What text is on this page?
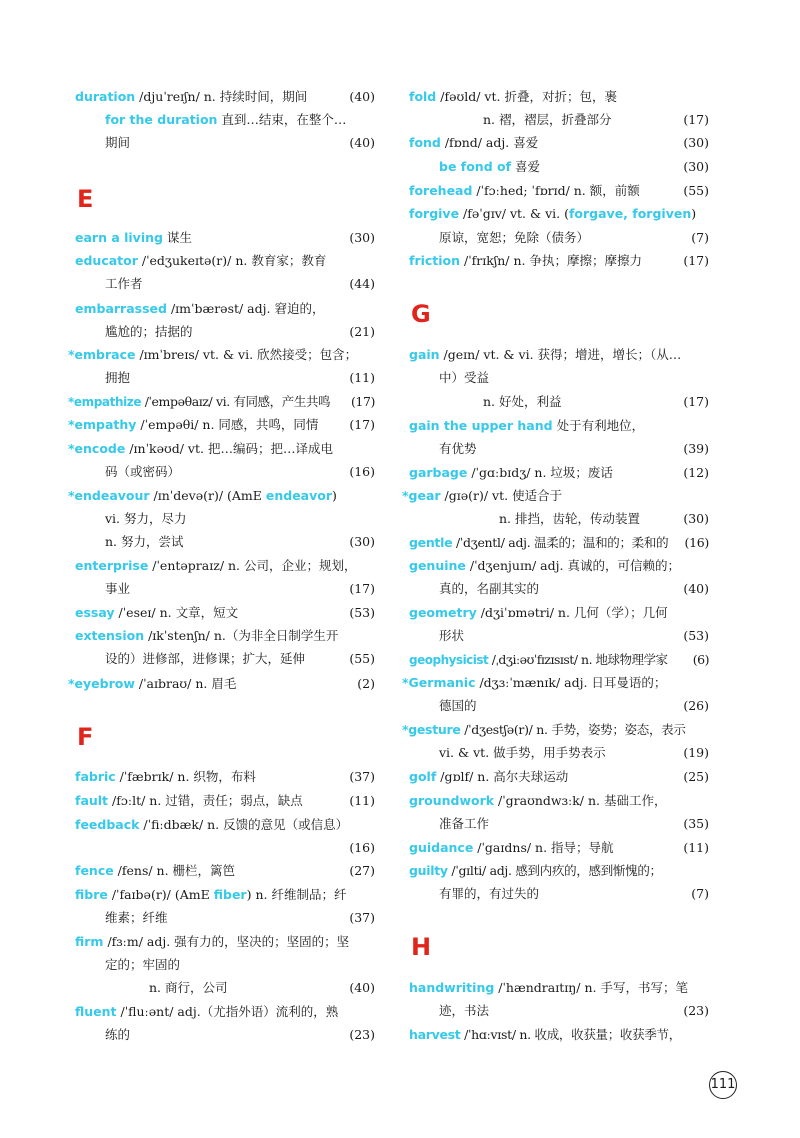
duration /djuˈreɪʃn/ n. 持续时间，期间	(40)
for the duration 直到…结束，在整个…
期间	(40)
E
earn a living 谋生	(30)
educator /ˈedʒukeɪtə(r)/ n. 教育家；教育
工作者	(44)
embarrassed /ɪmˈbærəst/ adj. 窘迫的，
尴尬的；拮据的	(21)
*embrace /ɪmˈbreɪs/ vt. & vi. 欣然接受；包含；
拥抱	(11)
*empathize /ˈempəθaɪz/ vi. 有同感，产生共鸣 (17)
*empathy /ˈempəθi/ n. 同感，共鸣，同情 (17)
*encode /ɪnˈkəʊd/ vt. 把…编码；把…译成电
码（或密码）	(16)
*endeavour /ɪnˈdevə(r)/ (AmE endeavor)
vi. 努力，尽力
n. 努力，尝试	(30)
enterprise /ˈentəpraɪz/ n. 公司，企业；规划，
事业	(17)
essay /ˈeseɪ/ n. 文章，短文	(53)
extension /ɪkˈstenʃn/ n.（为非全日制学生开
设的）进修部，进修课；扩大，延伸	(55)
*eyebrow /ˈaɪbraʊ/ n. 眉毛	(2)
F
fabric /ˈfæbrɪk/ n. 织物，布料	(37)
fault /fɔːlt/ n. 过错，责任；弱点，缺点	(11)
feedback /ˈfiːdbæk/ n. 反馈的意见（或信息）
(16)
fence /fens/ n. 栅栏，篱笆	(27)
fibre /ˈfaɪbə(r)/ (AmE fiber) n. 纤维制品；纤
维素；纤维	(37)
firm /fɜːm/ adj. 强有力的，坚决的；坚固的；坚
定的；牢固的
n. 商行，公司	(40)
fluent /ˈfluːənt/ adj.（尤指外语）流利的，熟
练的	(23)
fold /fəʊld/ vt. 折叠，对折；包，裹
n. 褶，褶层，折叠部分	(17)
fond /fɒnd/ adj. 喜爱	(30)
be fond of 喜爱	(30)
forehead /ˈfɔːhed; ˈfɒrɪd/ n. 额，前额	(55)
forgive /fəˈgɪv/ vt. & vi. (forgave, forgiven)
原谅，宽恕；免除（债务）	(7)
friction /ˈfrɪkʃn/ n. 争执；摩擦；摩擦力	(17)
G
gain /geɪn/ vt. & vi. 获得；增进，增长；（从…
中）受益
n. 好处，利益	(17)
gain the upper hand 处于有利地位，
有优势	(39)
garbage /ˈgɑːbɪdʒ/ n. 垃圾；废话	(12)
*gear /gɪə(r)/ vt. 使适合于
n. 排挡，齿轮，传动装置	(30)
gentle /ˈdʒentl/ adj. 温柔的；温和的；柔和的 (16)
genuine /ˈdʒenjuɪn/ adj. 真诚的，可信赖的；
真的，名副其实的	(40)
geometry /dʒiˈɒmətri/ n. 几何（学）；几何
形状	(53)
geophysicist /ˌdʒiːəʊˈfɪzɪsɪst/ n. 地球物理学家 (6)
*Germanic /dʒɜːˈmænɪk/ adj. 日耳曼语的；
德国的	(26)
*gesture /ˈdʒestʃə(r)/ n. 手势，姿势；姿态，表示
vi. & vt. 做手势，用手势表示	(19)
golf /gɒlf/ n. 高尔夫球运动	(25)
groundwork /ˈgraʊndwɜːk/ n. 基础工作，
准备工作	(35)
guidance /ˈgaɪdns/ n. 指导；导航	(11)
guilty /ˈgɪlti/ adj. 感到内疚的，感到惭愧的；
有罪的，有过失的	(7)
H
handwriting /ˈhændraɪtɪŋ/ n. 手写，书写；笔
迹，书法	(23)
harvest /ˈhɑːvɪst/ n. 收成，收获量；收获季节，
111
